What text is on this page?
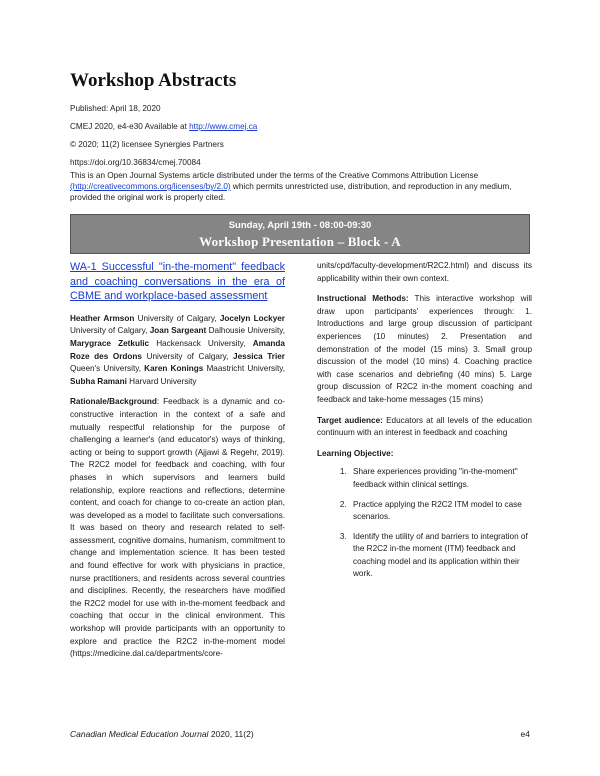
Workshop Abstracts
Published: April 18, 2020
CMEJ 2020, e4-e30 Available at http://www.cmej.ca
© 2020; 11(2) licensee Synergies Partners
https://doi.org/10.36834/cmej.70084
This is an Open Journal Systems article distributed under the terms of the Creative Commons Attribution License
(http://creativecommons.org/licenses/by/2.0) which permits unrestricted use, distribution, and reproduction in any medium, provided the original work is properly cited.
Sunday, April 19th - 08:00-09:30
Workshop Presentation – Block - A
WA-1 Successful "in-the-moment" feedback and coaching conversations in the era of CBME and workplace-based assessment

Heather Armson University of Calgary, Jocelyn Lockyer University of Calgary, Joan Sargeant Dalhousie University, Marygrace Zetkulic Hackensack University, Amanda Roze des Ordons University of Calgary, Jessica Trier Queen's University, Karen Konings Maastricht University, Subha Ramani Harvard University

Rationale/Background: Feedback is a dynamic and co-constructive interaction in the context of a safe and mutually respectful relationship for the purpose of challenging a learner's (and educator's) ways of thinking, acting or being to support growth (Ajjawi & Regehr, 2019). The R2C2 model for feedback and coaching, with four phases in which supervisors and learners build relationship, explore reactions and reflections, determine content, and coach for change to co-create an action plan, was developed as a model to facilitate such conversations. It was based on theory and research related to self-assessment, cognitive domains, humanism, commitment to change and implementation science. It has been tested and found effective for work with physicians in practice, nurse practitioners, and residents across several countries and disciplines. Recently, the researchers have modified the R2C2 model for use with in-the-moment feedback and coaching that occur in the clinical environment. This workshop will provide participants with an opportunity to explore and practice the R2C2 in-the-moment model (https://medicine.dal.ca/departments/core-

units/cpd/faculty-development/R2C2.html) and discuss its applicability within their own context.

Instructional Methods: This interactive workshop will draw upon participants' experiences through: 1. Introductions and large group discussion of participant experiences (10 minutes) 2. Presentation and demonstration of the model (15 mins) 3. Small group discussion of the model (10 mins) 4. Coaching practice with case scenarios and debriefing (40 mins) 5. Large group discussion of R2C2 in-the moment coaching and feedback and take-home messages (15 mins)

Target audience: Educators at all levels of the education continuum with an interest in feedback and coaching

Learning Objective:
1. Share experiences providing "in-the-moment" feedback within clinical settings.
2. Practice applying the R2C2 ITM model to case scenarios.
3. Identify the utility of and barriers to integration of the R2C2 in-the moment (ITM) feedback and coaching model and its application within their work.
Canadian Medical Education Journal 2020, 11(2)	e4
